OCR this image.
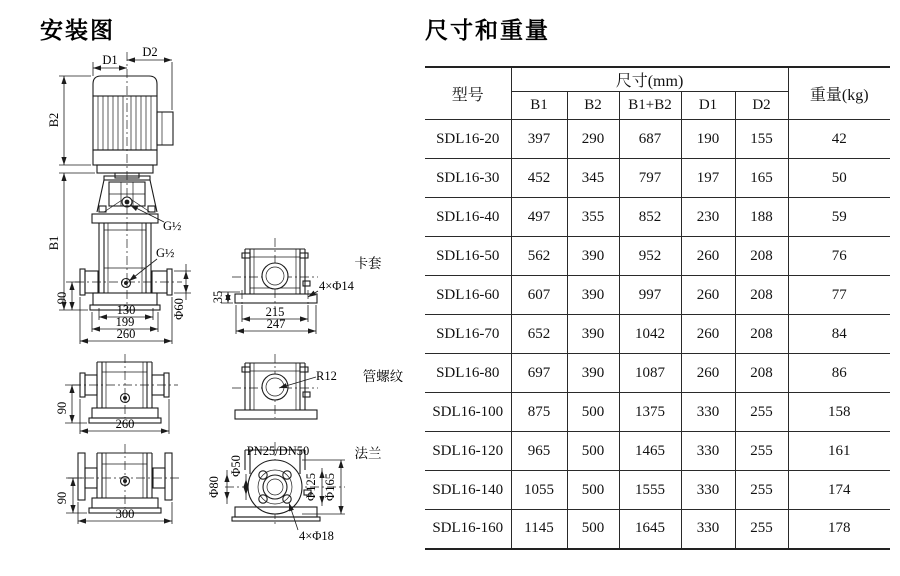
安装图	尺寸和重量
G½
G½
D1
D2
B2
B1
90
Φ60
130
199
260
35
215
247
4×Φ14
卡套
R12 管螺纹
90
260
90
300
PN25/DN50	法兰
Φ50
Φ80	Φ125 Φ165
4×Φ18
型号	尺寸(mm)					重量(kg)
	B1	B2	B1+B2	D1	D2	
SDL16-20	397	290	687	190	155	42
SDL16-30	452	345	797	197	165	50
SDL16-40	497	355	852	230	188	59
SDL16-50	562	390	952	260	208	76
SDL16-60	607	390	997	260	208	77
SDL16-70	652	390	1042	260	208	84
SDL16-80	697	390	1087	260	208	86
SDL16-100	875	500	1375	330	255	158
SDL16-120	965	500	1465	330	255	161
SDL16-140	1055	500	1555	330	255	174
SDL16-160	1145	500	1645	330	255	178
